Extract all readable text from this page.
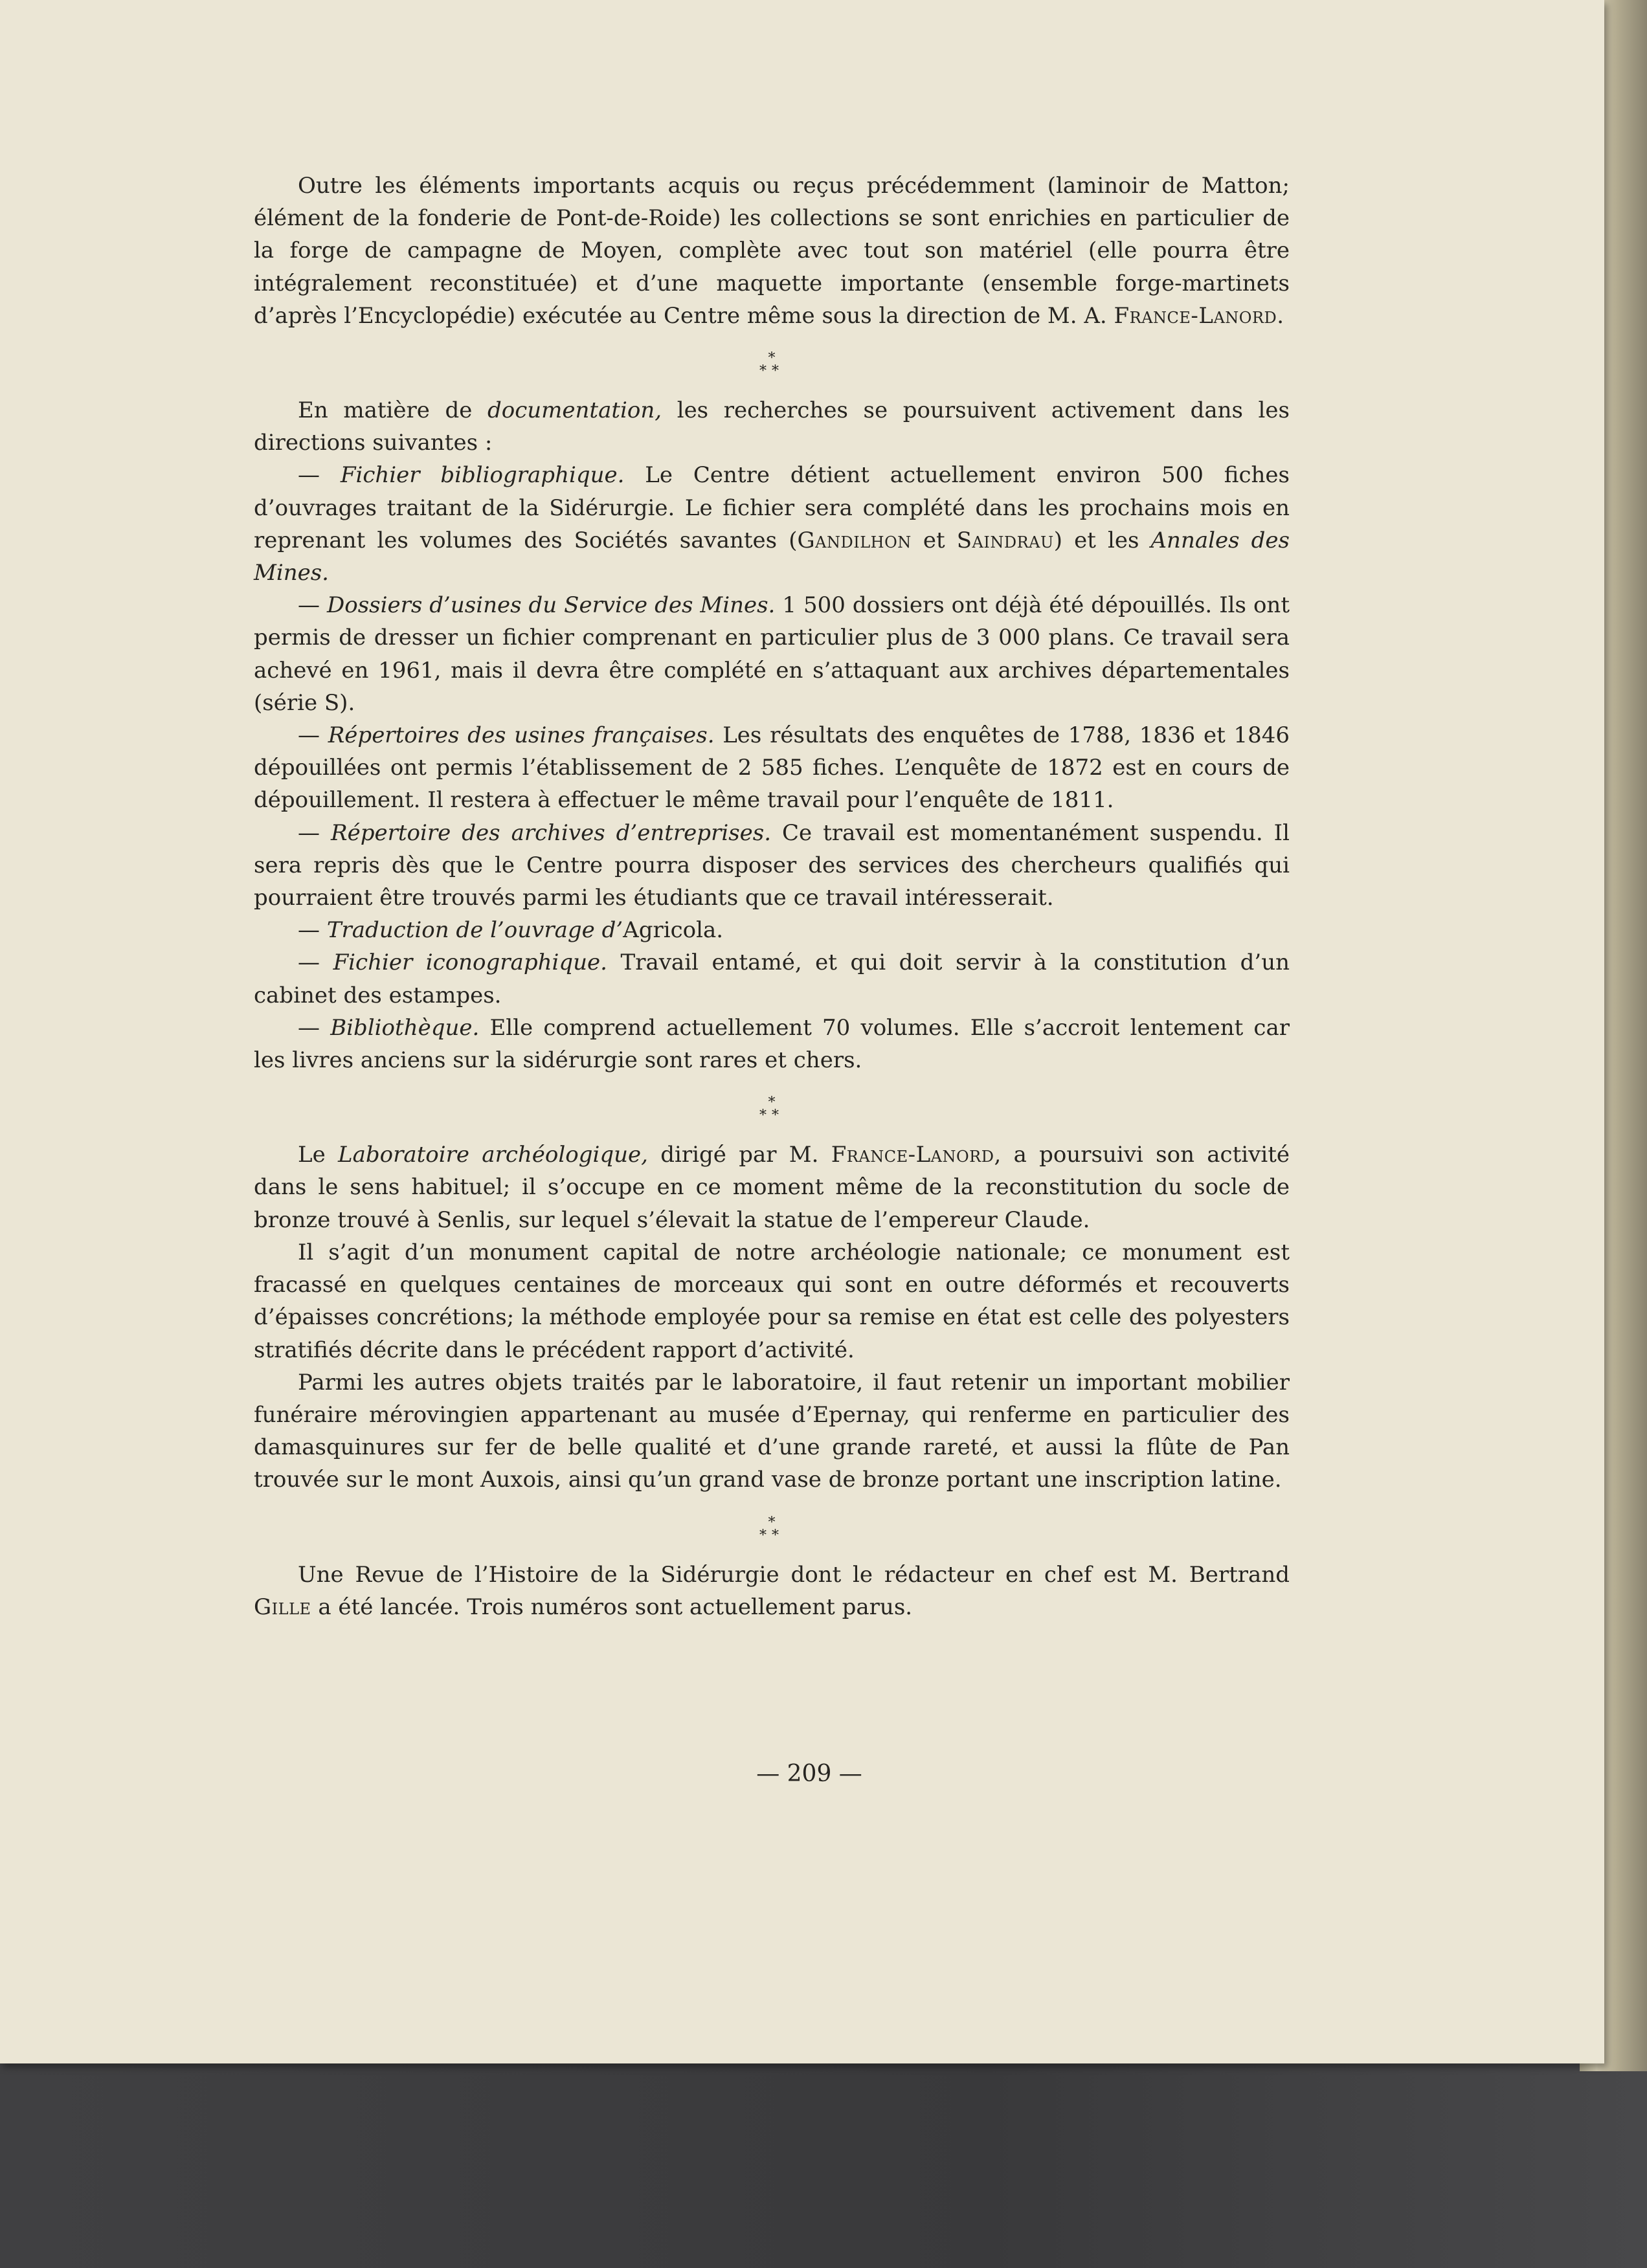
Outre les éléments importants acquis ou reçus précédemment (laminoir de Matton; élément de la fonderie de Pont-de-Roide) les collections se sont enrichies en particulier de la forge de campagne de Moyen, complète avec tout son matériel (elle pourra être intégralement reconstituée) et d’une maquette importante (ensemble forge-martinets d’après l’Encyclopédie) exécutée au Centre même sous la direction de M. A. France-Lanord.

*
**

En matière de documentation, les recherches se poursuivent activement dans les directions suivantes :

— Fichier bibliographique. Le Centre détient actuellement environ 500 fiches d’ouvrages traitant de la Sidérurgie. Le fichier sera complété dans les prochains mois en reprenant les volumes des Sociétés savantes (Gandilhon et Saindrau) et les Annales des Mines.

— Dossiers d’usines du Service des Mines. 1 500 dossiers ont déjà été dépouillés. Ils ont permis de dresser un fichier comprenant en particulier plus de 3 000 plans. Ce travail sera achevé en 1961, mais il devra être complété en s’attaquant aux archives départementales (série S).

— Répertoires des usines françaises. Les résultats des enquêtes de 1788, 1836 et 1846 dépouillées ont permis l’établissement de 2 585 fiches. L’enquête de 1872 est en cours de dépouillement. Il restera à effectuer le même travail pour l’enquête de 1811.

— Répertoire des archives d’entreprises. Ce travail est momentanément suspendu. Il sera repris dès que le Centre pourra disposer des services des chercheurs qualifiés qui pourraient être trouvés parmi les étudiants que ce travail intéresserait.

— Traduction de l’ouvrage d’Agricola.

— Fichier iconographique. Travail entamé, et qui doit servir à la constitution d’un cabinet des estampes.

— Bibliothèque. Elle comprend actuellement 70 volumes. Elle s’accroit lentement car les livres anciens sur la sidérurgie sont rares et chers.

*
**

Le Laboratoire archéologique, dirigé par M. France-Lanord, a poursuivi son activité dans le sens habituel; il s’occupe en ce moment même de la reconstitution du socle de bronze trouvé à Senlis, sur lequel s’élevait la statue de l’empereur Claude.

Il s’agit d’un monument capital de notre archéologie nationale; ce monument est fracassé en quelques centaines de morceaux qui sont en outre déformés et recouverts d’épaisses concrétions; la méthode employée pour sa remise en état est celle des polyesters stratifiés décrite dans le précédent rapport d’activité.

Parmi les autres objets traités par le laboratoire, il faut retenir un important mobilier funéraire mérovingien appartenant au musée d’Epernay, qui renferme en particulier des damasquinures sur fer de belle qualité et d’une grande rareté, et aussi la flûte de Pan trouvée sur le mont Auxois, ainsi qu’un grand vase de bronze portant une inscription latine.

*
**

Une Revue de l’Histoire de la Sidérurgie dont le rédacteur en chef est M. Bertrand Gille a été lancée. Trois numéros sont actuellement parus.

— 209 —
